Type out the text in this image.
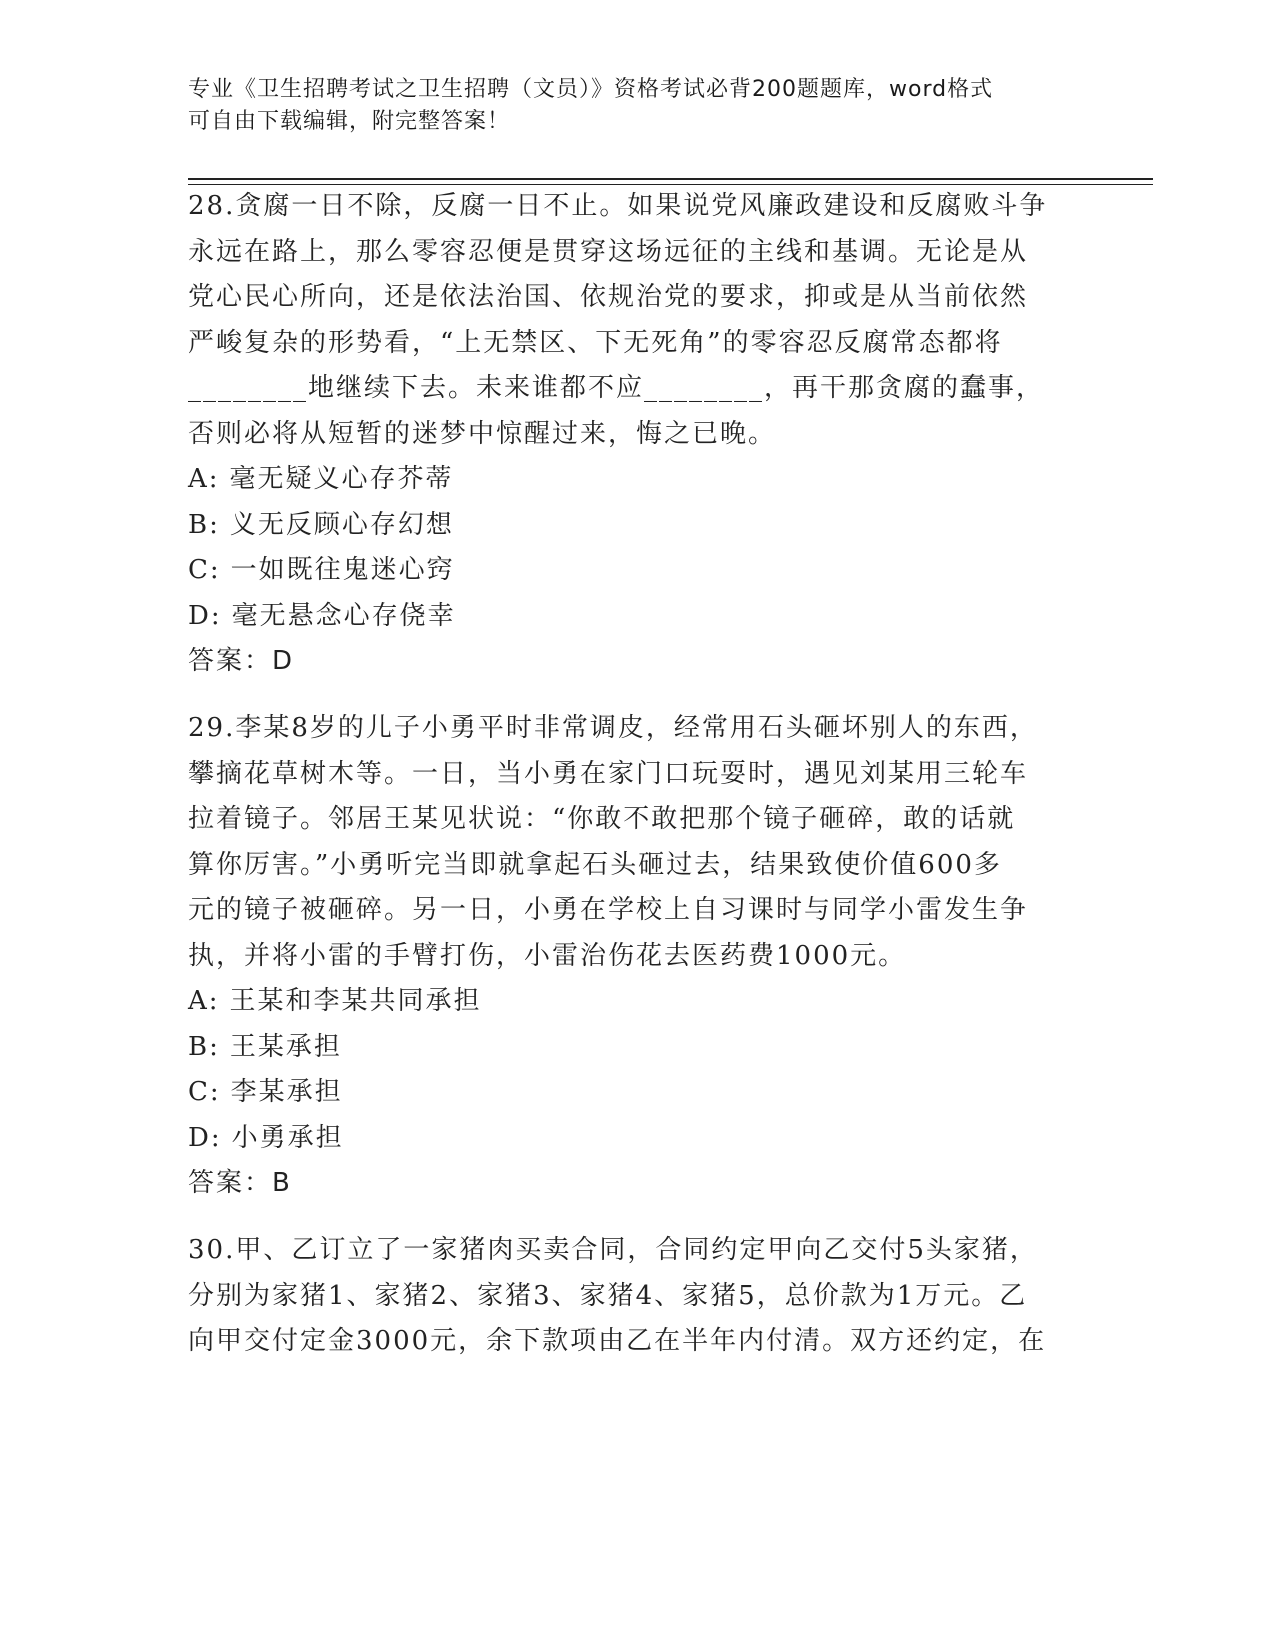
专业《卫生招聘考试之卫生招聘（文员）》资格考试必背200题题库，word格式
可自由下载编辑，附完整答案！

28.贪腐一日不除，反腐一日不止。如果说党风廉政建设和反腐败斗争

永远在路上，那么零容忍便是贯穿这场远征的主线和基调。无论是从

党心民心所向，还是依法治国、依规治党的要求，抑或是从当前依然

严峻复杂的形势看，“上无禁区、下无死角”的零容忍反腐常态都将

________地继续下去。未来谁都不应________，再干那贪腐的蠢事，

否则必将从短暂的迷梦中惊醒过来，悔之已晚。

A: 毫无疑义心存芥蒂

B: 义无反顾心存幻想

C: 一如既往鬼迷心窍

D: 毫无悬念心存侥幸

答案：D

29.李某8岁的儿子小勇平时非常调皮，经常用石头砸坏别人的东西，

攀摘花草树木等。一日，当小勇在家门口玩耍时，遇见刘某用三轮车

拉着镜子。邻居王某见状说：“你敢不敢把那个镜子砸碎，敢的话就

算你厉害。”小勇听完当即就拿起石头砸过去，结果致使价值600多

元的镜子被砸碎。另一日，小勇在学校上自习课时与同学小雷发生争

执，并将小雷的手臂打伤，小雷治伤花去医药费1000元。

A: 王某和李某共同承担

B: 王某承担

C: 李某承担

D: 小勇承担

答案：B

30.甲、乙订立了一家猪肉买卖合同，合同约定甲向乙交付5头家猪，

分别为家猪1、家猪2、家猪3、家猪4、家猪5，总价款为1万元。乙

向甲交付定金3000元，余下款项由乙在半年内付清。双方还约定，在
